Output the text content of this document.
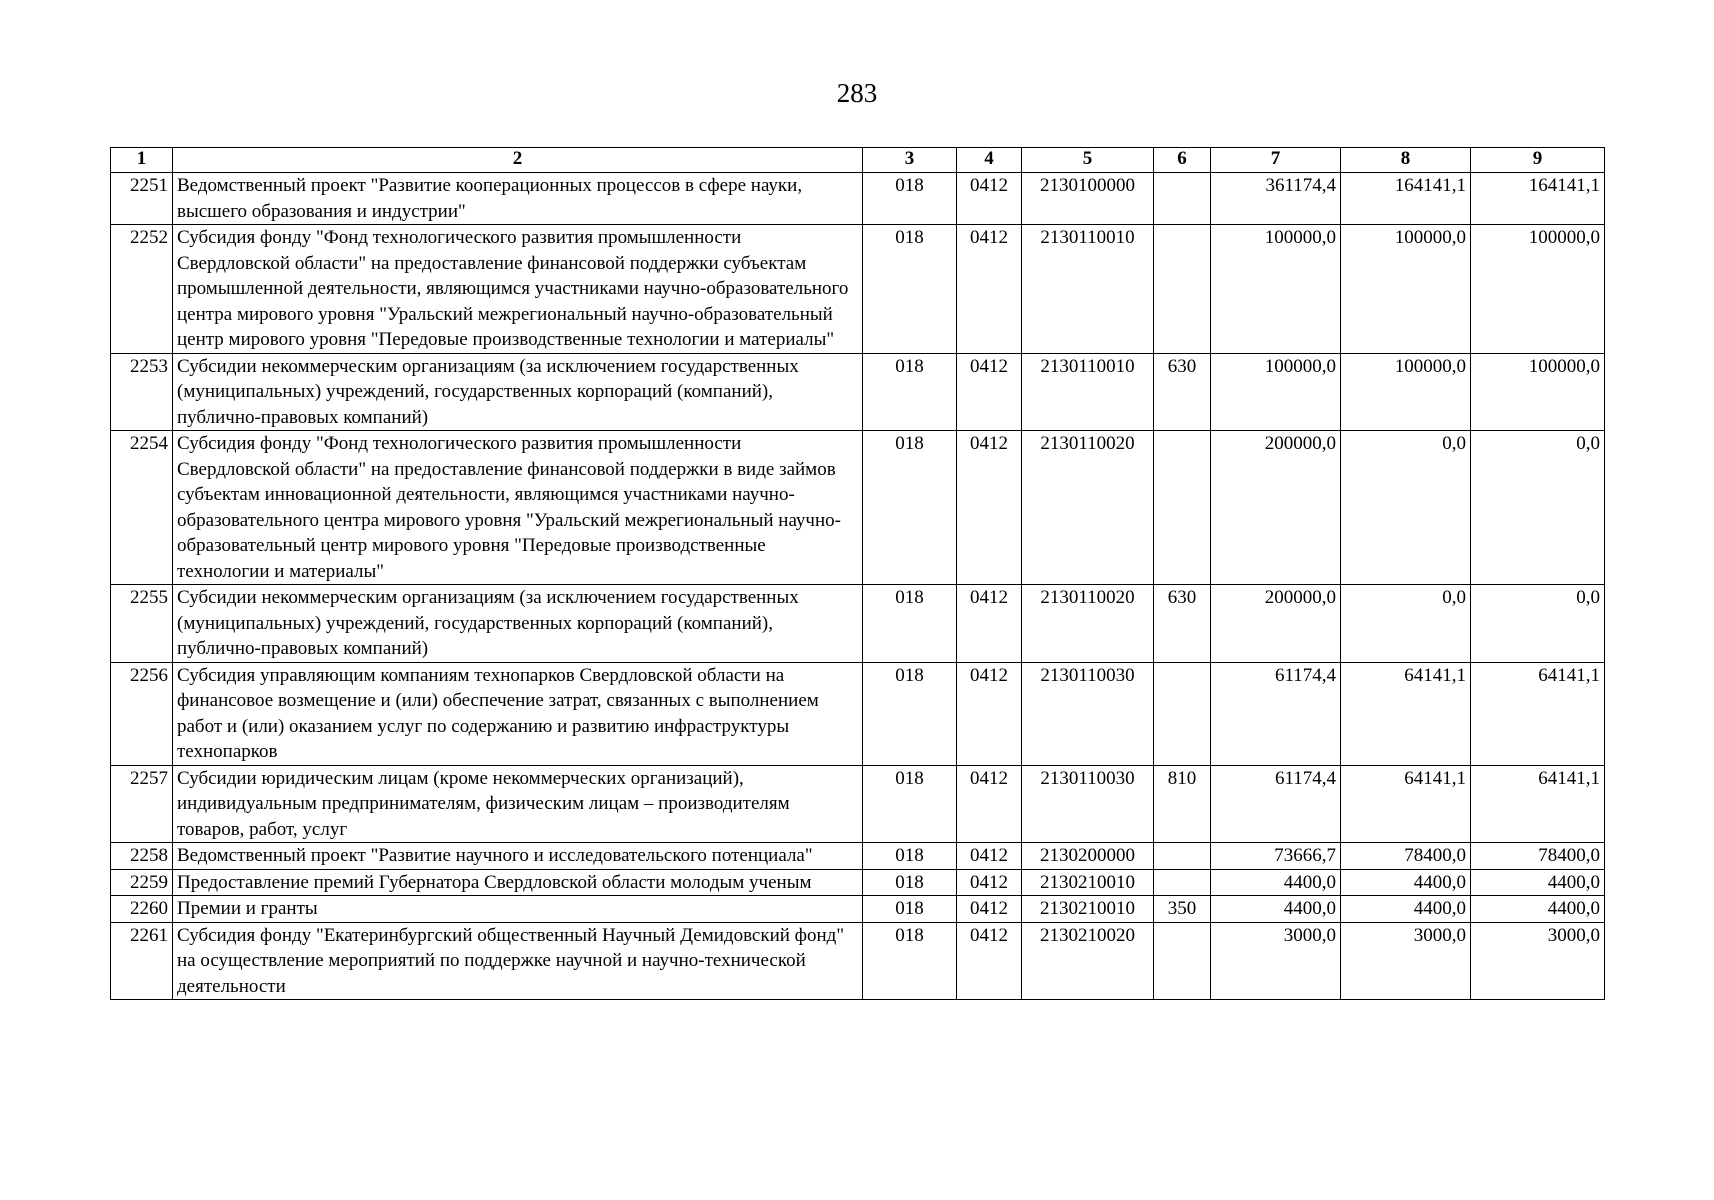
283
1	2	3	4	5	6	7	8	9
2251	Ведомственный проект "Развитие кооперационных процессов в сфере науки, высшего образования и индустрии"	018	0412	2130100000		361174,4	164141,1	164141,1
2252	Субсидия фонду "Фонд технологического развития промышленности Свердловской области" на предоставление финансовой поддержки субъектам промышленной деятельности, являющимся участниками научно-образовательного центра мирового уровня "Уральский межрегиональный научно-образовательный центр мирового уровня "Передовые производственные технологии и материалы"	018	0412	2130110010		100000,0	100000,0	100000,0
2253	Субсидии некоммерческим организациям (за исключением государственных (муниципальных) учреждений, государственных корпораций (компаний), публично-правовых компаний)	018	0412	2130110010	630	100000,0	100000,0	100000,0
2254	Субсидия фонду "Фонд технологического развития промышленности Свердловской области" на предоставление финансовой поддержки в виде займов субъектам инновационной деятельности, являющимся участниками научно-образовательного центра мирового уровня "Уральский межрегиональный научно-образовательный центр мирового уровня "Передовые производственные технологии и материалы"	018	0412	2130110020		200000,0	0,0	0,0
2255	Субсидии некоммерческим организациям (за исключением государственных (муниципальных) учреждений, государственных корпораций (компаний), публично-правовых компаний)	018	0412	2130110020	630	200000,0	0,0	0,0
2256	Субсидия управляющим компаниям технопарков Свердловской области на финансовое возмещение и (или) обеспечение затрат, связанных с выполнением работ и (или) оказанием услуг по содержанию и развитию инфраструктуры технопарков	018	0412	2130110030		61174,4	64141,1	64141,1
2257	Субсидии юридическим лицам (кроме некоммерческих организаций), индивидуальным предпринимателям, физическим лицам – производителям товаров, работ, услуг	018	0412	2130110030	810	61174,4	64141,1	64141,1
2258	Ведомственный проект "Развитие научного и исследовательского потенциала"	018	0412	2130200000		73666,7	78400,0	78400,0
2259	Предоставление премий Губернатора Свердловской области молодым ученым	018	0412	2130210010		4400,0	4400,0	4400,0
2260	Премии и гранты	018	0412	2130210010	350	4400,0	4400,0	4400,0
2261	Субсидия фонду "Екатеринбургский общественный Научный Демидовский фонд" на осуществление мероприятий по поддержке научной и научно-технической деятельности	018	0412	2130210020		3000,0	3000,0	3000,0
